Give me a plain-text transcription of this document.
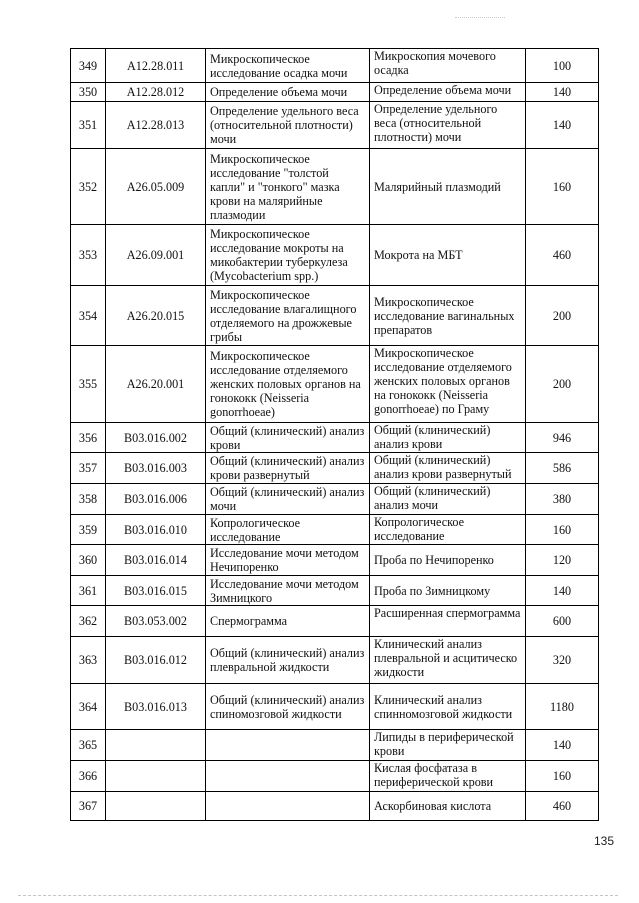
349	A12.28.011	Микроскопическое исследование осадка мочи	Микроскопия мочевого осадка	100
350	A12.28.012	Определение объема мочи	Определение объема мочи	140
351	A12.28.013	Определение удельного веса (относительной плотности) мочи	Определение удельного веса (относительной плотности) мочи	140
352	A26.05.009	Микроскопическое исследование "толстой капли" и "тонкого" мазка крови на малярийные плазмодии	Малярийный плазмодий	160
353	A26.09.001	Микроскопическое исследование мокроты на микобактерии туберкулеза (Mycobacterium spp.)	Мокрота на МБТ	460
354	A26.20.015	Микроскопическое исследование влагалищного отделяемого на дрожжевые грибы	Микроскопическое исследование вагинальных препаратов	200
355	A26.20.001	Микроскопическое исследование отделяемого женских половых органов на гонококк (Neisseria gonorrhoeae)	Микроскопическое исследование отделяемого женских половых органов на гонококк (Neisseria gonorrhoeae) по Граму	200
356	B03.016.002	Общий (клинический) анализ крови	Общий (клинический) анализ крови	946
357	B03.016.003	Общий (клинический) анализ крови развернутый	Общий (клинический) анализ крови развернутый	586
358	B03.016.006	Общий (клинический) анализ мочи	Общий (клинический) анализ мочи	380
359	B03.016.010	Копрологическое исследование	Копрологическое исследование	160
360	B03.016.014	Исследование мочи методом Нечипоренко	Проба по Нечипоренко	120
361	B03.016.015	Исследование мочи методом Зимницкого	Проба по Зимницкому	140
362	B03.053.002	Спермограмма	Расширенная спермограмма	600
363	B03.016.012	Общий (клинический) анализ плевральной жидкости	Клинический анализ плевральной и асцитическо жидкости	320
364	B03.016.013	Общий (клинический) анализ спиномозговой жидкости	Клинический анализ спинномозговой жидкости	1180
365			Липиды в периферической крови	140
366			Кислая фосфатаза в периферической крови	160
367			Аскорбиновая кислота	460
135
